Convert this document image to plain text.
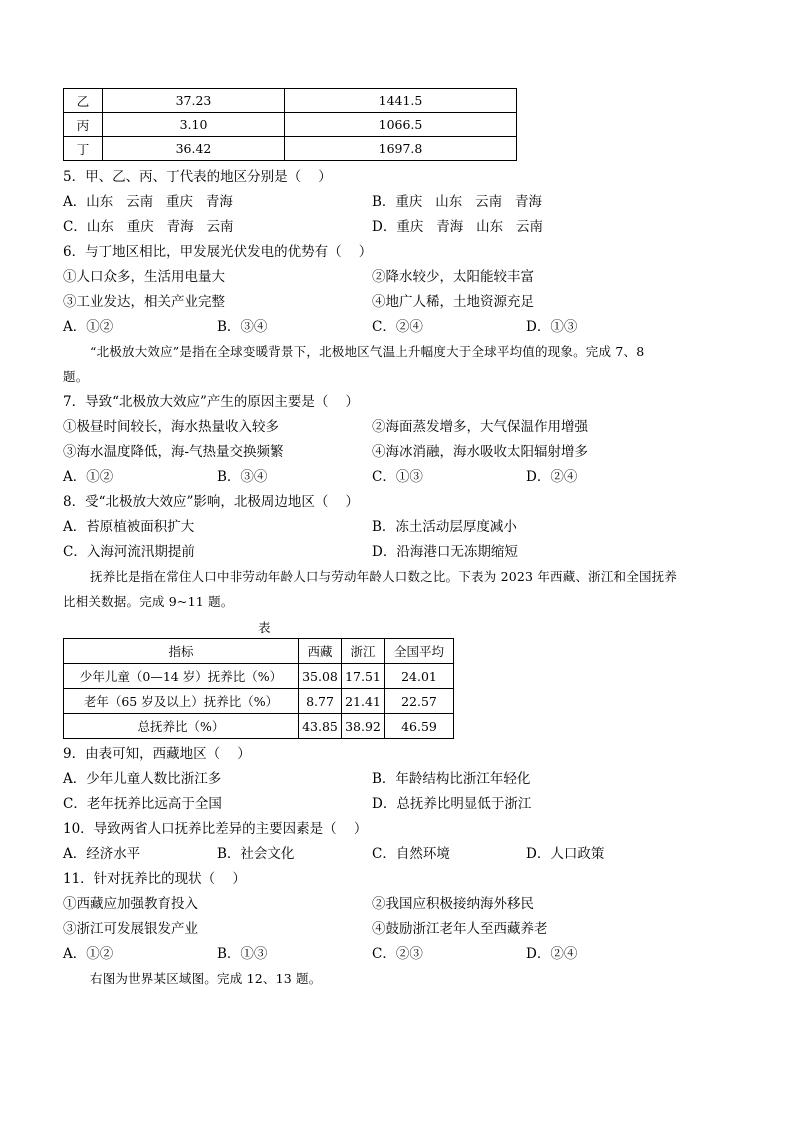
乙	37.23	1441.5
丙	3.10	1066.5
丁	36.42	1697.8
5．甲、乙、丙、丁代表的地区分别是（    ）
A．山东   云南   重庆   青海	B．重庆   山东   云南   青海
C．山东   重庆   青海   云南	D．重庆   青海   山东   云南
6．与丁地区相比，甲发展光伏发电的优势有（    ）
①人口众多，生活用电量大	②降水较少，太阳能较丰富
③工业发达，相关产业完整	④地广人稀，土地资源充足
A．①②	B．③④	C．②④	D．①③
“北极放大效应”是指在全球变暖背景下，北极地区气温上升幅度大于全球平均值的现象。完成 7、8
题。
7．导致“北极放大效应”产生的原因主要是（    ）
①极昼时间较长，海水热量收入较多	②海面蒸发增多，大气保温作用增强
③海水温度降低，海-气热量交换频繁	④海冰消融，海水吸收太阳辐射增多
A．①②	B．③④	C．①③	D．②④
8．受“北极放大效应”影响，北极周边地区（    ）
A．苔原植被面积扩大	B．冻土活动层厚度减小
C．入海河流汛期提前	D．沿海港口无冻期缩短
抚养比是指在常住人口中非劳动年龄人口与劳动年龄人口数之比。下表为 2023 年西藏、浙江和全国抚养
比相关数据。完成 9~11 题。
表
指标	西藏	浙江	全国平均
少年儿童（0—14 岁）抚养比（%）	35.08	17.51	24.01
老年（65 岁及以上）抚养比（%）	8.77	21.41	22.57
总抚养比（%）	43.85	38.92	46.59
9．由表可知，西藏地区（    ）
A．少年儿童人数比浙江多	B．年龄结构比浙江年轻化
C．老年抚养比远高于全国	D．总抚养比明显低于浙江
10．导致两省人口抚养比差异的主要因素是（    ）
A．经济水平	B．社会文化	C．自然环境	D．人口政策
11．针对抚养比的现状（    ）
①西藏应加强教育投入	②我国应积极接纳海外移民
③浙江可发展银发产业	④鼓励浙江老年人至西藏养老
A．①②	B．①③	C．②③	D．②④
右图为世界某区域图。完成 12、13 题。
